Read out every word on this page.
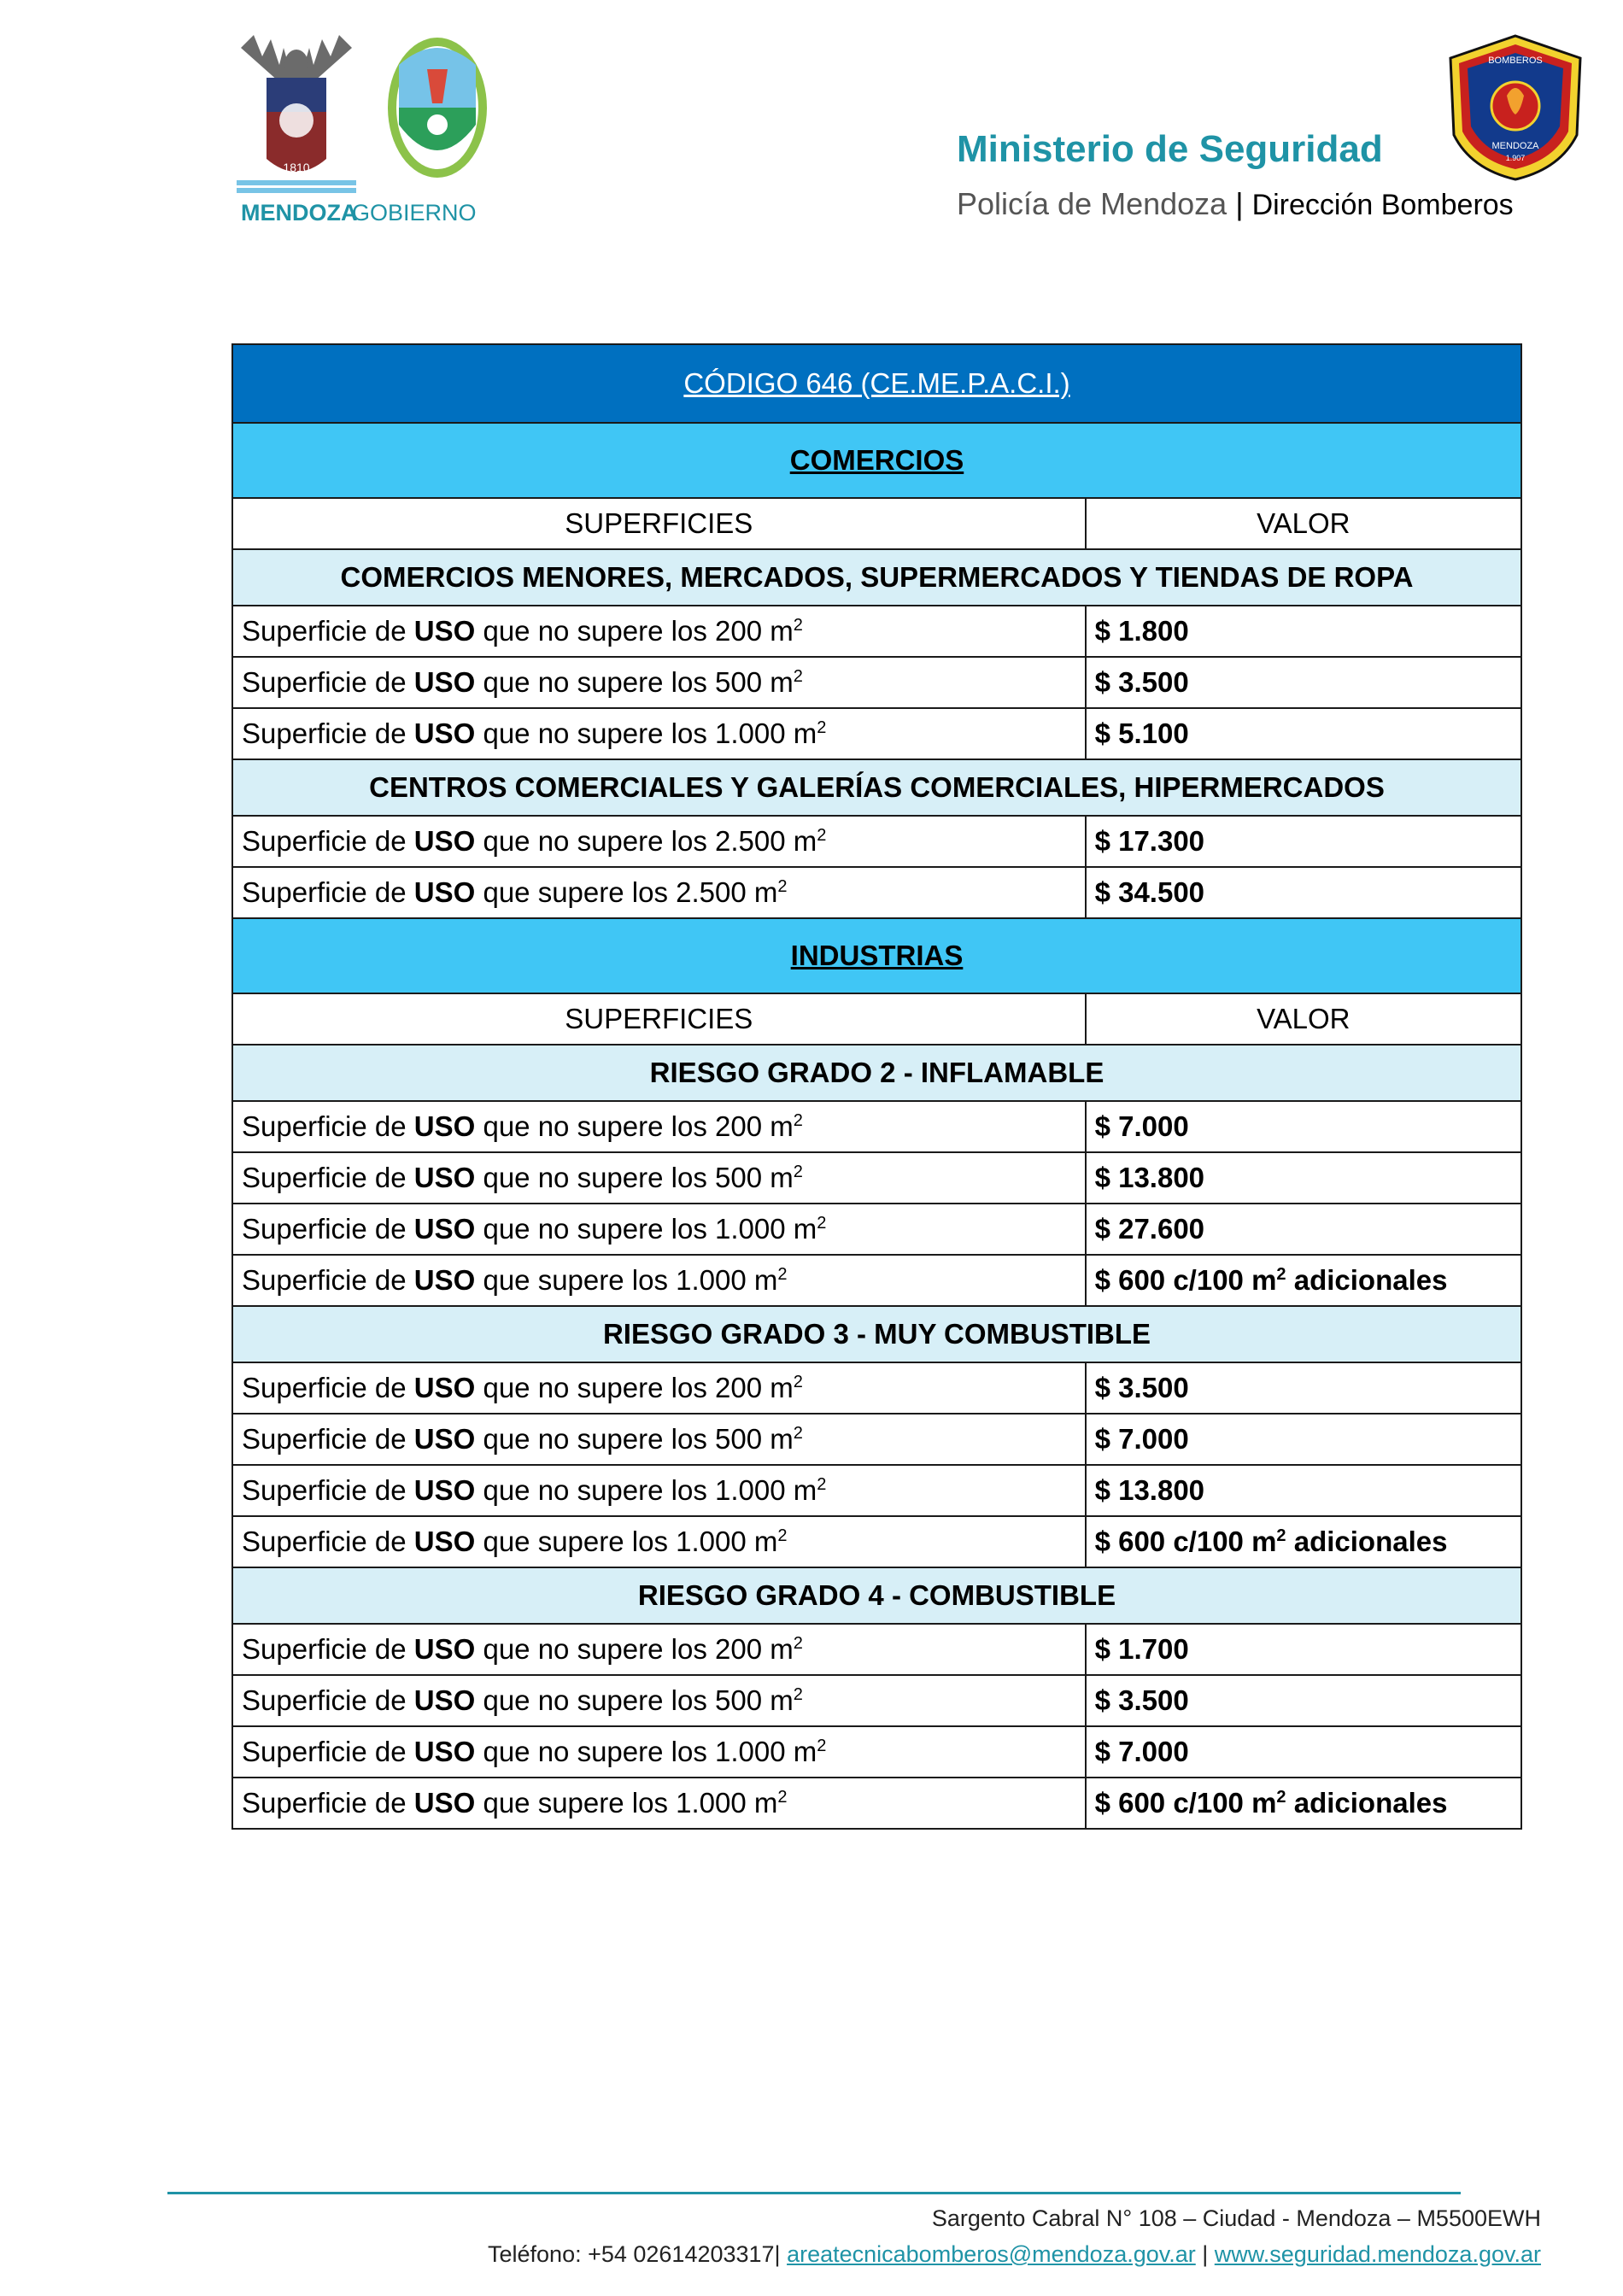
1810
MENDOZA
GOBIERNO
Ministerio de Seguridad
Policía de Mendoza | Dirección Bomberos
BOMBEROS
MENDOZA
1.907
CÓDIGO 646 (CE.ME.P.A.C.I.)	
COMERCIOS	
SUPERFICIES	VALOR
COMERCIOS MENORES, MERCADOS, SUPERMERCADOS Y TIENDAS DE ROPA	
Superficie de USO que no supere los 200 $m^2$	$ 1.800
Superficie de USO que no supere los 500 $m^2$	$ 3.500
Superficie de USO que no supere los 1.000 $m^2$	$ 5.100
CENTROS COMERCIALES Y GALERÍAS COMERCIALES, HIPERMERCADOS	
Superficie de USO que no supere los 2.500 $m^2$	$ 17.300
Superficie de USO que supere los 2.500 $m^2$	$ 34.500
INDUSTRIAS	
SUPERFICIES	VALOR
RIESGO GRADO 2 - INFLAMABLE	
Superficie de USO que no supere los 200 $m^2$	$ 7.000
Superficie de USO que no supere los 500 $m^2$	$ 13.800
Superficie de USO que no supere los 1.000 $m^2$	$ 27.600
Superficie de USO que supere los 1.000 $m^2$	$ 600 c/100 $m^2$ adicionales
RIESGO GRADO 3 - MUY COMBUSTIBLE	
Superficie de USO que no supere los 200 $m^2$	$ 3.500
Superficie de USO que no supere los 500 $m^2$	$ 7.000
Superficie de USO que no supere los 1.000 $m^2$	$ 13.800
Superficie de USO que supere los 1.000 $m^2$	$ 600 c/100 $m^2$ adicionales
RIESGO GRADO 4 - COMBUSTIBLE	
Superficie de USO que no supere los 200 $m^2$	$ 1.700
Superficie de USO que no supere los 500 $m^2$	$ 3.500
Superficie de USO que no supere los 1.000 $m^2$	$ 7.000
Superficie de USO que supere los 1.000 $m^2$	$ 600 c/100 $m^2$ adicionales
Sargento Cabral N° 108 – Ciudad - Mendoza – M5500EWH
Teléfono: +54 02614203317| areatecnicabomberos@mendoza.gov.ar | www.seguridad.mendoza.gov.ar
